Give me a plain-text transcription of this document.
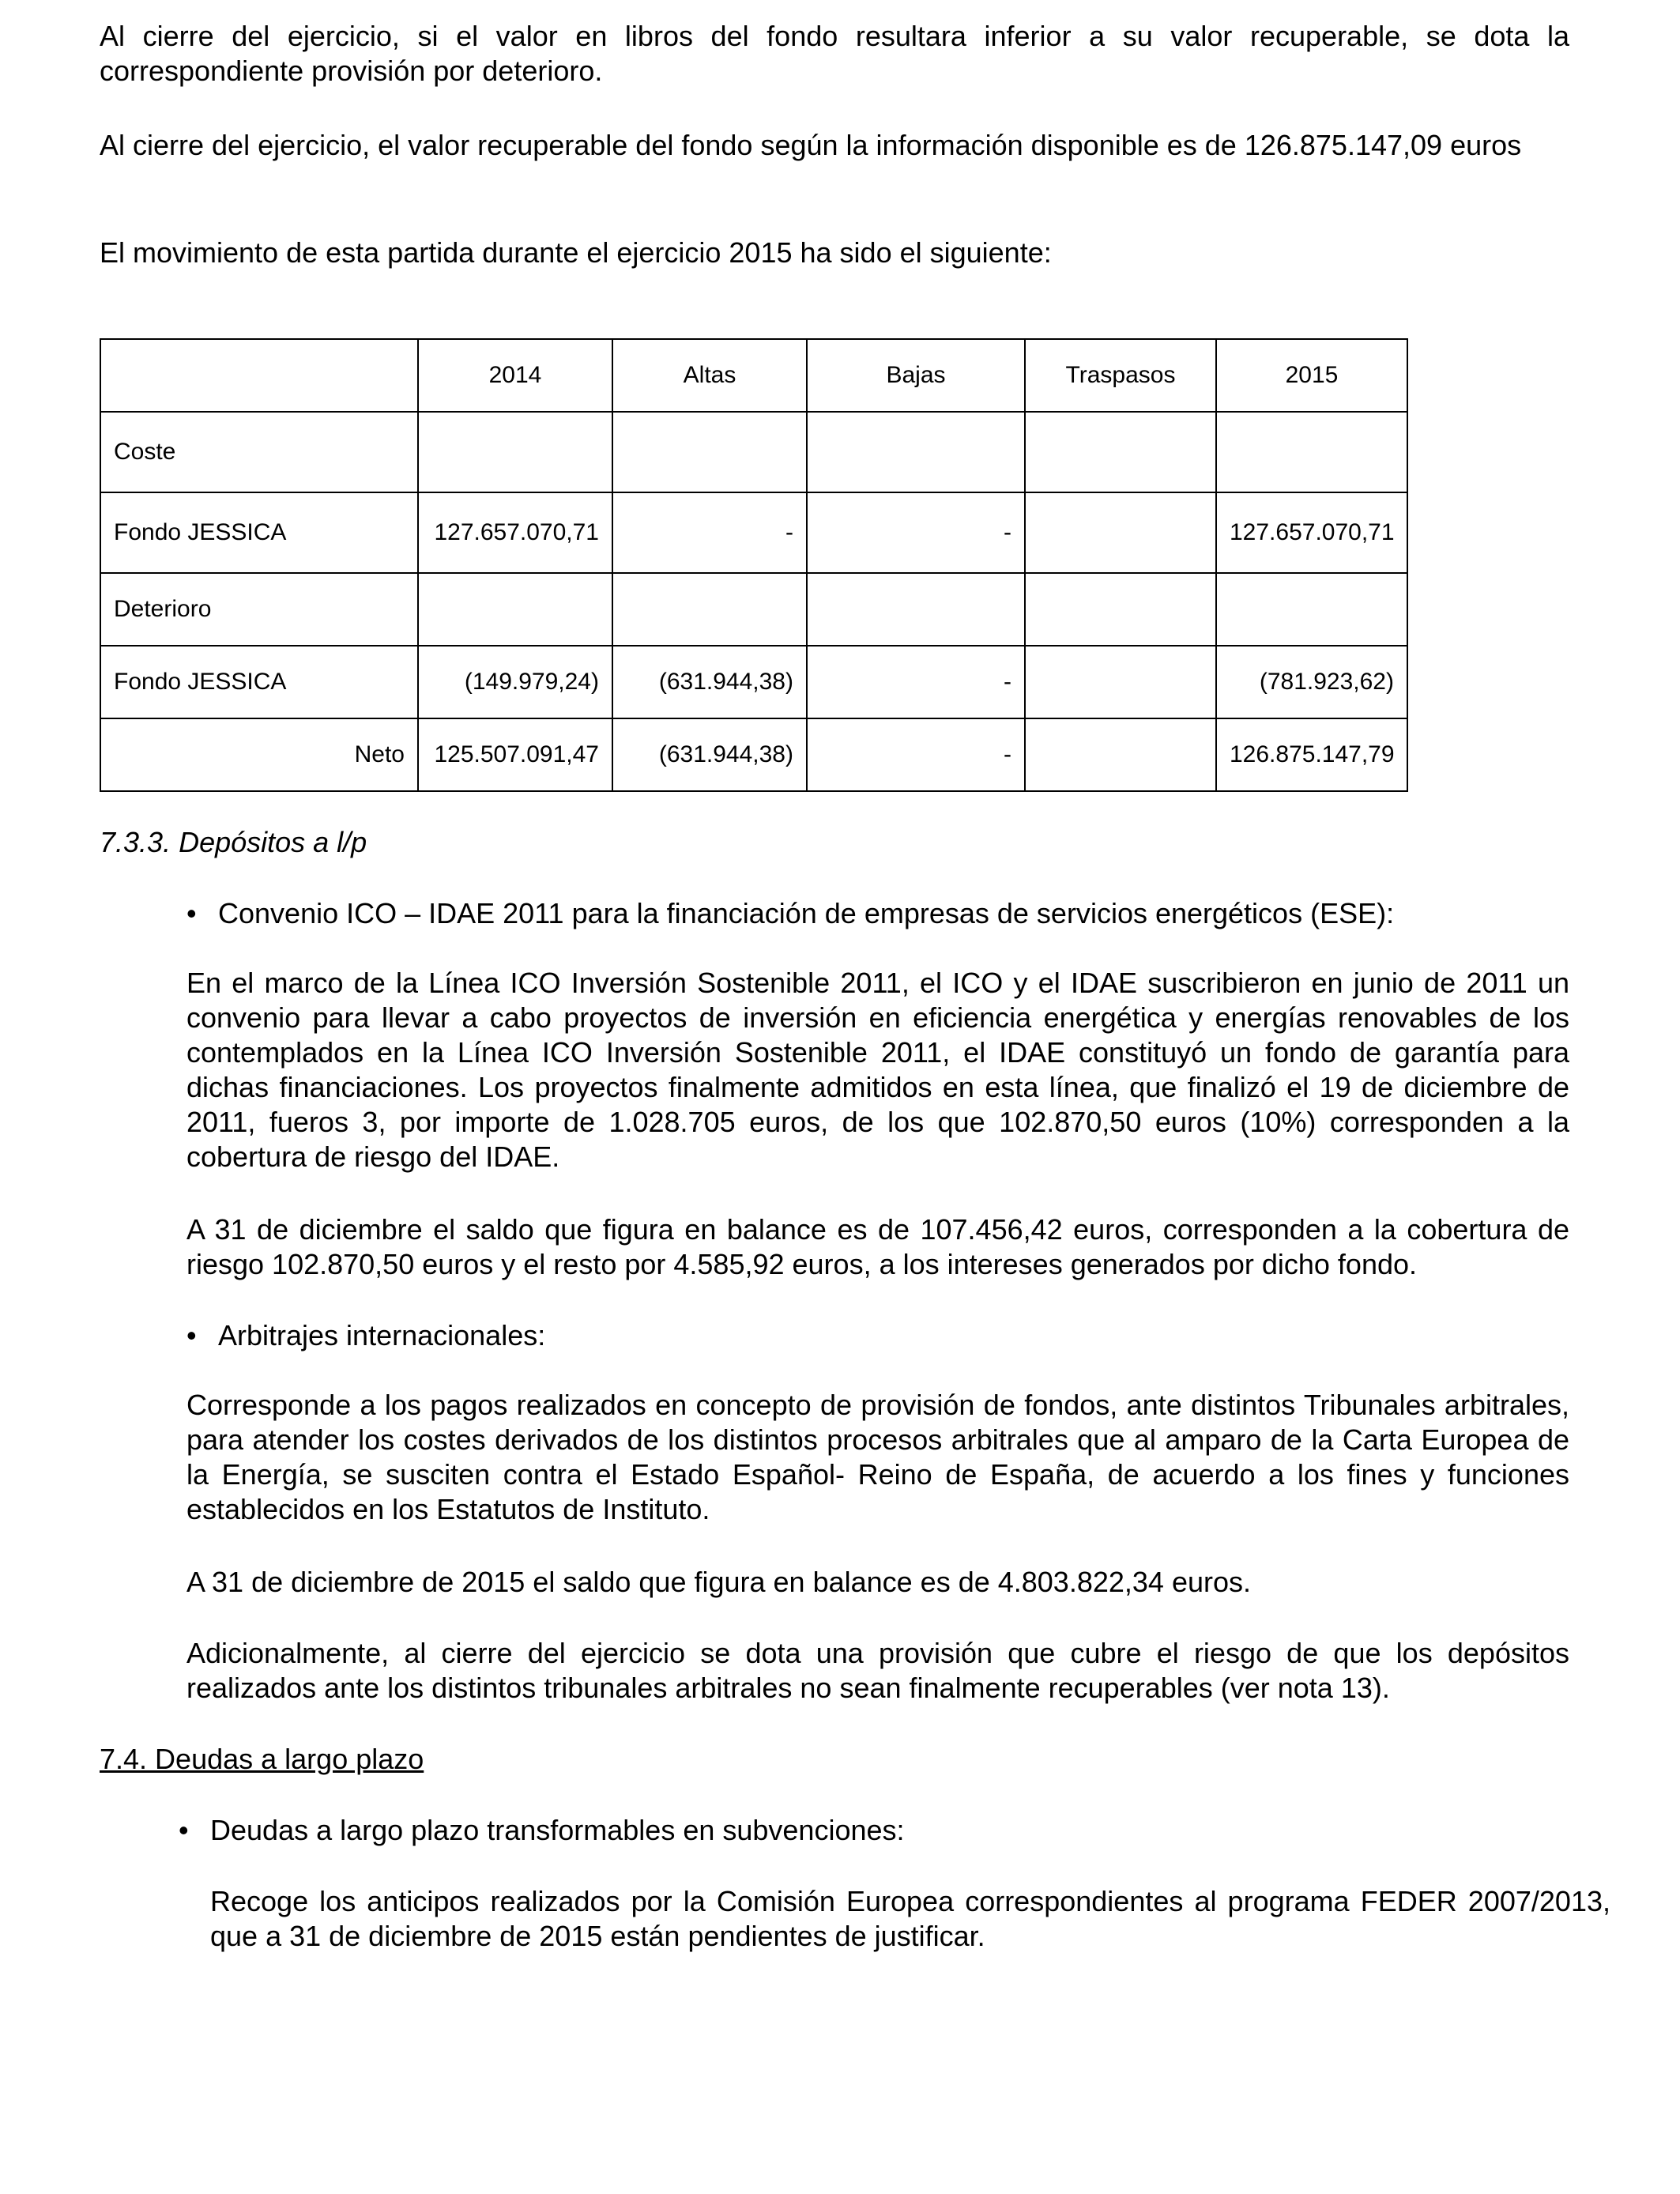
Al cierre del ejercicio, si el valor en libros del fondo resultara inferior a su valor recuperable, se dota la correspondiente provisión por deterioro.

Al cierre del ejercicio, el valor recuperable del fondo según la información disponible es de 126.875.147,09 euros

El movimiento de esta partida durante el ejercicio 2015 ha sido el siguiente:

	2014	Altas	Bajas	Traspasos	2015
Coste					
Fondo JESSICA	127.657.070,71	-	-		127.657.070,71
Deterioro					
Fondo JESSICA	(149.979,24)	(631.944,38)	-		(781.923,62)
Neto	125.507.091,47	(631.944,38)	-		126.875.147,79
7.3.3. Depósitos a l/p
• Convenio ICO – IDAE 2011 para la financiación de empresas de servicios energéticos (ESE):

En el marco de la Línea ICO Inversión Sostenible 2011, el ICO y el IDAE suscribieron en junio de 2011 un convenio para llevar a cabo proyectos de inversión en eficiencia energética y energías renovables de los contemplados en la Línea ICO Inversión Sostenible 2011, el IDAE constituyó un fondo de garantía para dichas financiaciones. Los proyectos finalmente admitidos en esta línea, que finalizó el 19 de diciembre de 2011, fueros 3, por importe de 1.028.705 euros, de los que 102.870,50 euros (10%) corresponden a la cobertura de riesgo del IDAE.

A 31 de diciembre el saldo que figura en balance es de 107.456,42 euros, corresponden a la cobertura de riesgo 102.870,50 euros y el resto por 4.585,92 euros, a los intereses generados por dicho fondo.

• Arbitrajes internacionales:

Corresponde a los pagos realizados en concepto de provisión de fondos, ante distintos Tribunales arbitrales, para atender los costes derivados de los distintos procesos arbitrales que al amparo de la Carta Europea de la Energía, se susciten contra el Estado Español- Reino de España, de acuerdo a los fines y funciones establecidos en los Estatutos de Instituto.

A 31 de diciembre de 2015 el saldo que figura en balance es de 4.803.822,34 euros.

Adicionalmente, al cierre del ejercicio se dota una provisión que cubre el riesgo de que los depósitos realizados ante los distintos tribunales arbitrales no sean finalmente recuperables (ver nota 13).

7.4. Deudas a largo plazo
• Deudas a largo plazo transformables en subvenciones:

Recoge los anticipos realizados por la Comisión Europea correspondientes al programa FEDER 2007/2013, que a 31 de diciembre de 2015 están pendientes de justificar.
